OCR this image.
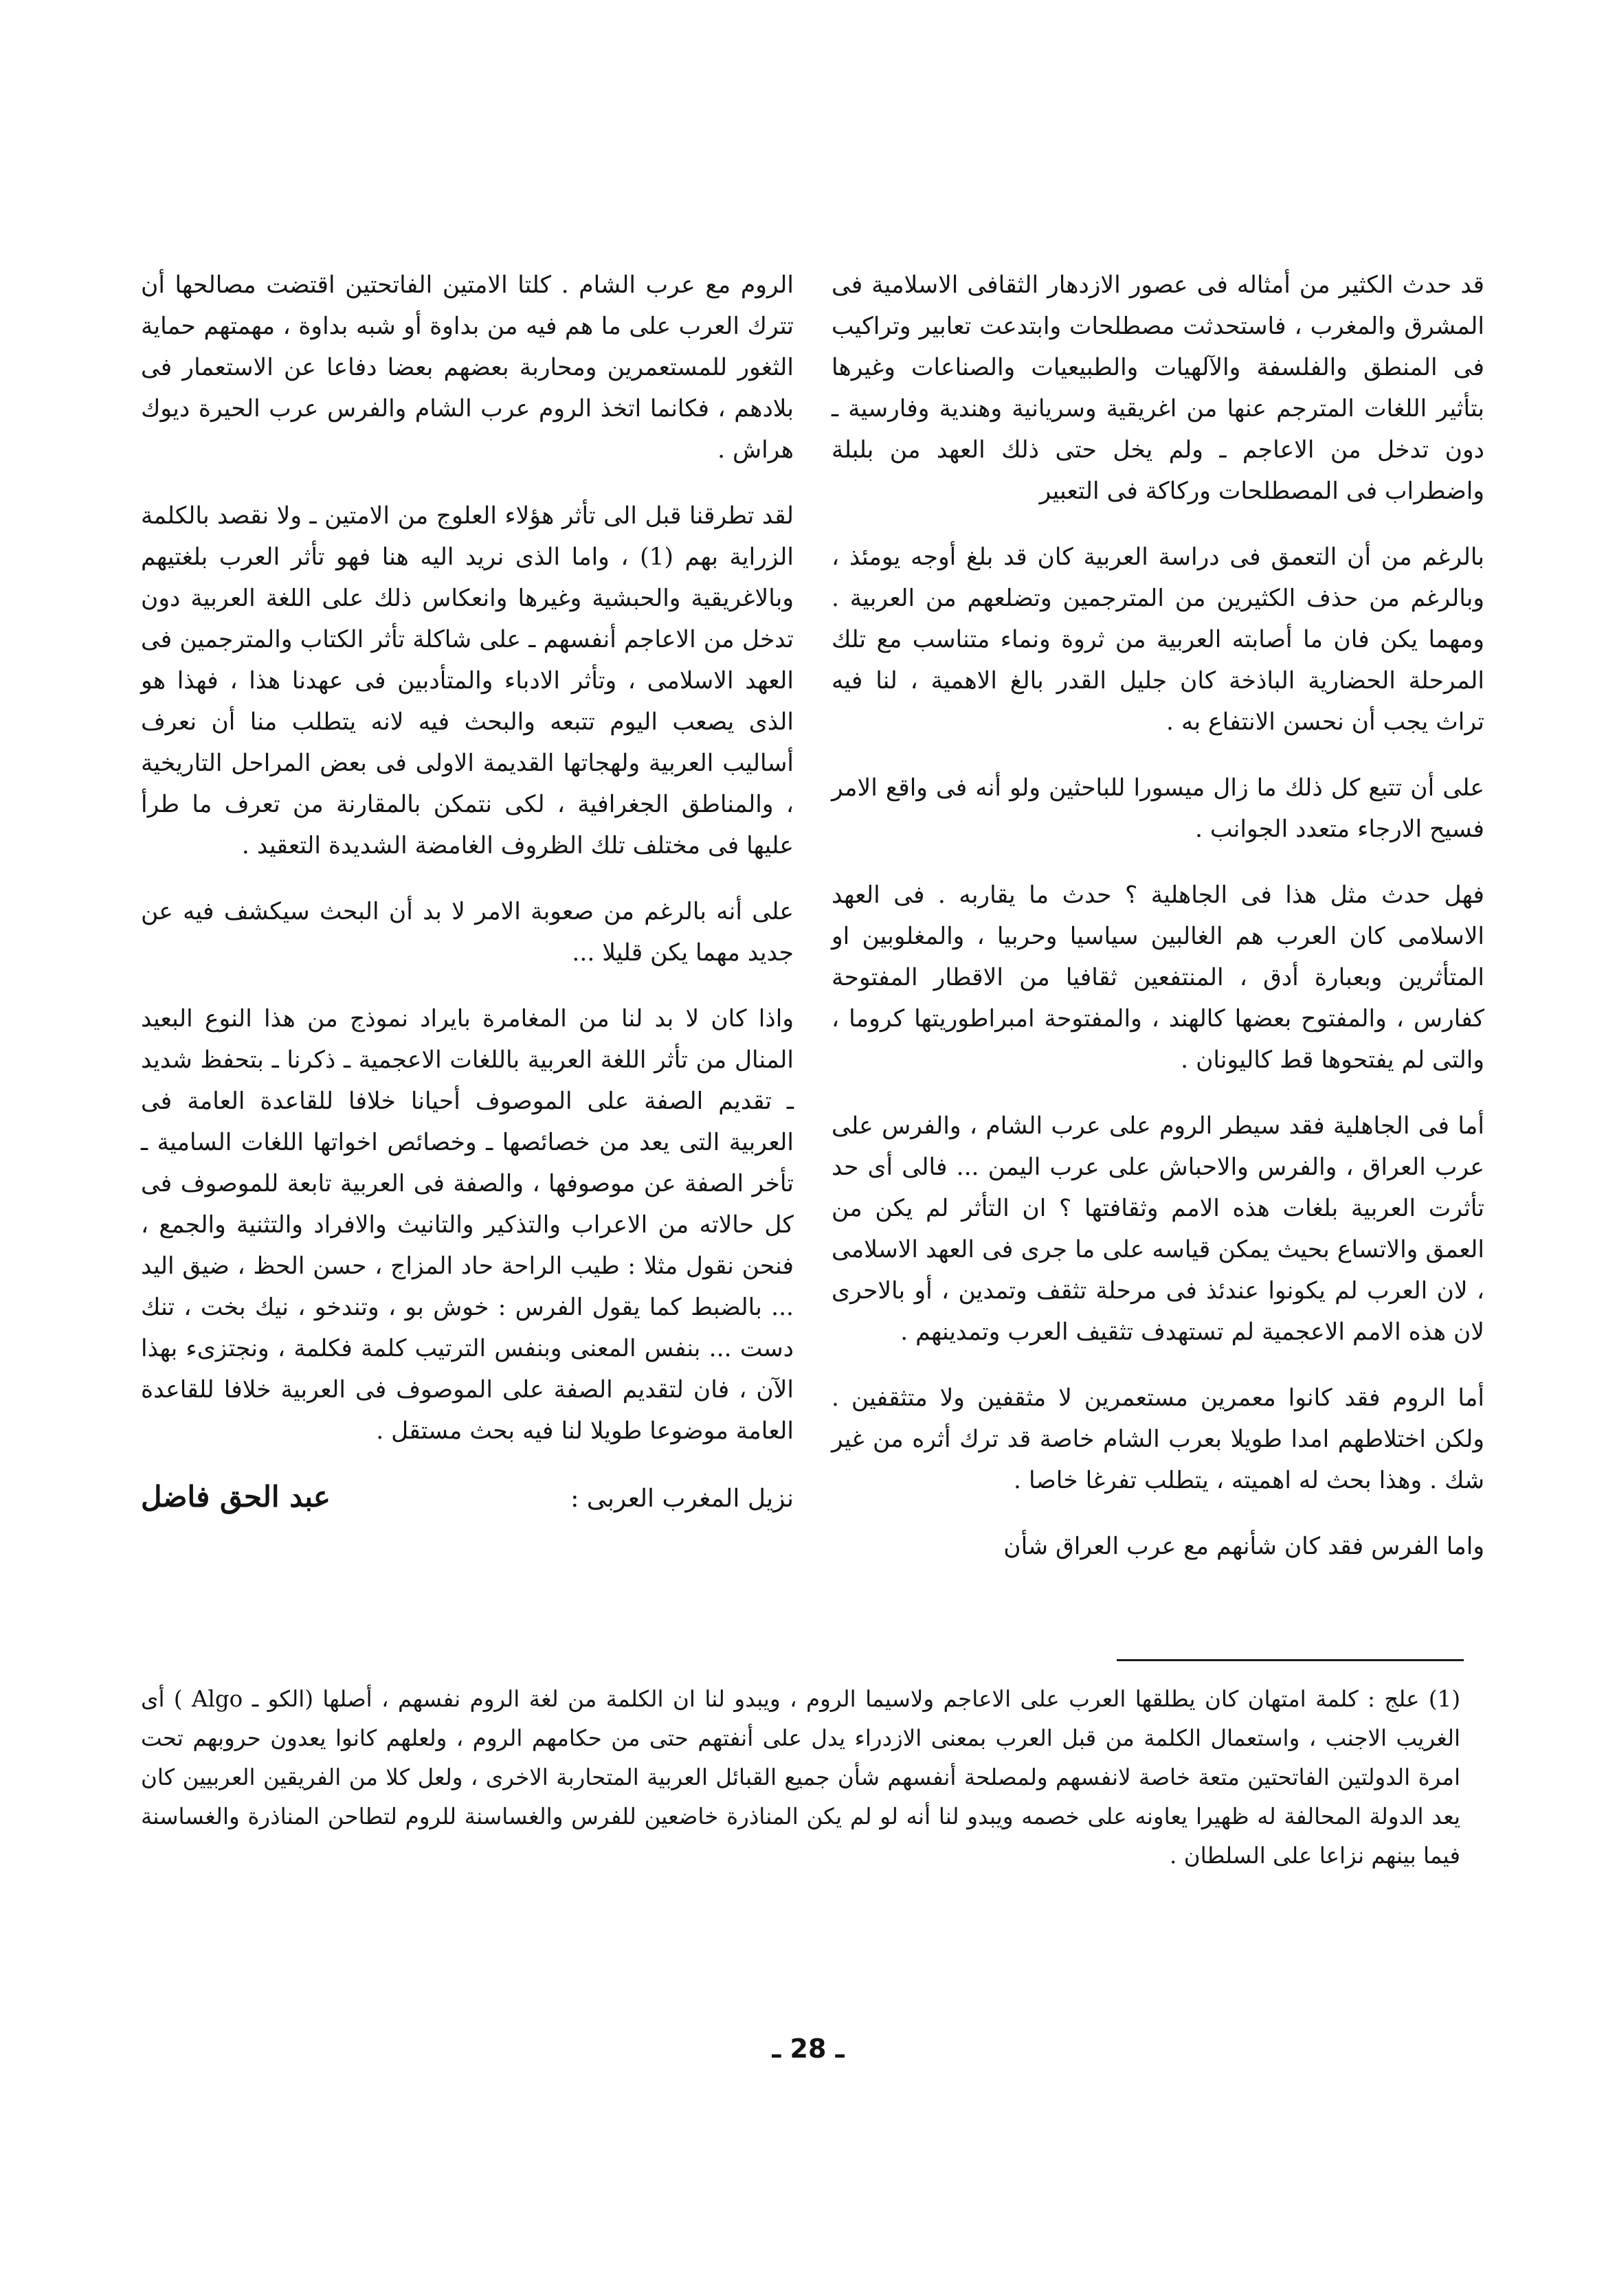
قد حدث الكثير من أمثاله فى عصور الازدهار الثقافى الاسلامية فى المشرق والمغرب ، فاستحدثت مصطلحات وابتدعت تعابير وتراكيب فى المنطق والفلسفة والآلهيات والطبيعيات والصناعات وغيرها بتأثير اللغات المترجم عنها من اغريقية وسريانية وهندية وفارسية ـ دون تدخل من الاعاجم ـ ولم يخل حتى ذلك العهد من بلبلة واضطراب فى المصطلحات وركاكة فى التعبير

بالرغم من أن التعمق فى دراسة العربية كان قد بلغ أوجه يومئذ ، وبالرغم من حذف الكثيرين من المترجمين وتضلعهم من العربية . ومهما يكن فان ما أصابته العربية من ثروة ونماء متناسب مع تلك المرحلة الحضارية الباذخة كان جليل القدر بالغ الاهمية ، لنا فيه تراث يجب أن نحسن الانتفاع به .

على أن تتبع كل ذلك ما زال ميسورا للباحثين ولو أنه فى واقع الامر فسيح الارجاء متعدد الجوانب .

فهل حدث مثل هذا فى الجاهلية ؟ حدث ما يقاربه . فى العهد الاسلامى كان العرب هم الغالبين سياسيا وحربيا ، والمغلوبين او المتأثرين وبعبارة أدق ، المنتفعين ثقافيا من الاقطار المفتوحة كفارس ، والمفتوح بعضها كالهند ، والمفتوحة امبراطوريتها كروما ، والتى لم يفتحوها قط كاليونان .

أما فى الجاهلية فقد سيطر الروم على عرب الشام ، والفرس على عرب العراق ، والفرس والاحباش على عرب اليمن ... فالى أى حد تأثرت العربية بلغات هذه الامم وثقافتها ؟ ان التأثر لم يكن من العمق والاتساع بحيث يمكن قياسه على ما جرى فى العهد الاسلامى ، لان العرب لم يكونوا عندئذ فى مرحلة تثقف وتمدين ، أو بالاحرى لان هذه الامم الاعجمية لم تستهدف تثقيف العرب وتمدينهم .

أما الروم فقد كانوا معمرين مستعمرين لا مثقفين ولا متثقفين . ولكن اختلاطهم امدا طويلا بعرب الشام خاصة قد ترك أثره من غير شك . وهذا بحث له اهميته ، يتطلب تفرغا خاصا .

واما الفرس فقد كان شأنهم مع عرب العراق شأن

الروم مع عرب الشام . كلتا الامتين الفاتحتين اقتضت مصالحها أن تترك العرب على ما هم فيه من بداوة أو شبه بداوة ، مهمتهم حماية الثغور للمستعمرين ومحاربة بعضهم بعضا دفاعا عن الاستعمار فى بلادهم ، فكانما اتخذ الروم عرب الشام والفرس عرب الحيرة ديوك هراش .

لقد تطرقنا قبل الى تأثر هؤلاء العلوج من الامتين ـ ولا نقصد بالكلمة الزراية بهم (1) ، واما الذى نريد اليه هنا فهو تأثر العرب بلغتيهم وبالاغريقية والحبشية وغيرها وانعكاس ذلك على اللغة العربية دون تدخل من الاعاجم أنفسهم ـ على شاكلة تأثر الكتاب والمترجمين فى العهد الاسلامى ، وتأثر الادباء والمتأدبين فى عهدنا هذا ، فهذا هو الذى يصعب اليوم تتبعه والبحث فيه لانه يتطلب منا أن نعرف أساليب العربية ولهجاتها القديمة الاولى فى بعض المراحل التاريخية ، والمناطق الجغرافية ، لكى نتمكن بالمقارنة من تعرف ما طرأ عليها فى مختلف تلك الظروف الغامضة الشديدة التعقيد .

على أنه بالرغم من صعوبة الامر لا بد أن البحث سيكشف فيه عن جديد مهما يكن قليلا ...

واذا كان لا بد لنا من المغامرة بايراد نموذج من هذا النوع البعيد المنال من تأثر اللغة العربية باللغات الاعجمية ـ ذكرنا ـ بتحفظ شديد ـ تقديم الصفة على الموصوف أحيانا خلافا للقاعدة العامة فى العربية التى يعد من خصائصها ـ وخصائص اخواتها اللغات السامية ـ تأخر الصفة عن موصوفها ، والصفة فى العربية تابعة للموصوف فى كل حالاته من الاعراب والتذكير والتانيث والافراد والتثنية والجمع ، فنحن نقول مثلا : طيب الراحة حاد المزاج ، حسن الحظ ، ضيق اليد ... بالضبط كما يقول الفرس : خوش بو ، وتندخو ، نيك بخت ، تنك دست ... بنفس المعنى وبنفس الترتيب كلمة فكلمة ، ونجتزىء بهذا الآن ، فان لتقديم الصفة على الموصوف فى العربية خلافا للقاعدة العامة موضوعا طويلا لنا فيه بحث مستقل .

نزيل المغرب العربى :
عبد الحق فاضل

(1) علج : كلمة امتهان كان يطلقها العرب على الاعاجم ولاسيما الروم ، ويبدو لنا ان الكلمة من لغة الروم نفسهم ، أصلها (الكو ـ Algo ) أى الغريب الاجنب ، واستعمال الكلمة من قبل العرب بمعنى الازدراء يدل على أنفتهم حتى من حكامهم الروم ، ولعلهم كانوا يعدون حروبهم تحت امرة الدولتين الفاتحتين متعة خاصة لانفسهم ولمصلحة أنفسهم شأن جميع القبائل العربية المتحاربة الاخرى ، ولعل كلا من الفريقين العربيين كان يعد الدولة المحالفة له ظهيرا يعاونه على خصمه ويبدو لنا أنه لو لم يكن المناذرة خاضعين للفرس والغساسنة للروم لتطاحن المناذرة والغساسنة فيما بينهم نزاعا على السلطان .

ـ 28 ـ
